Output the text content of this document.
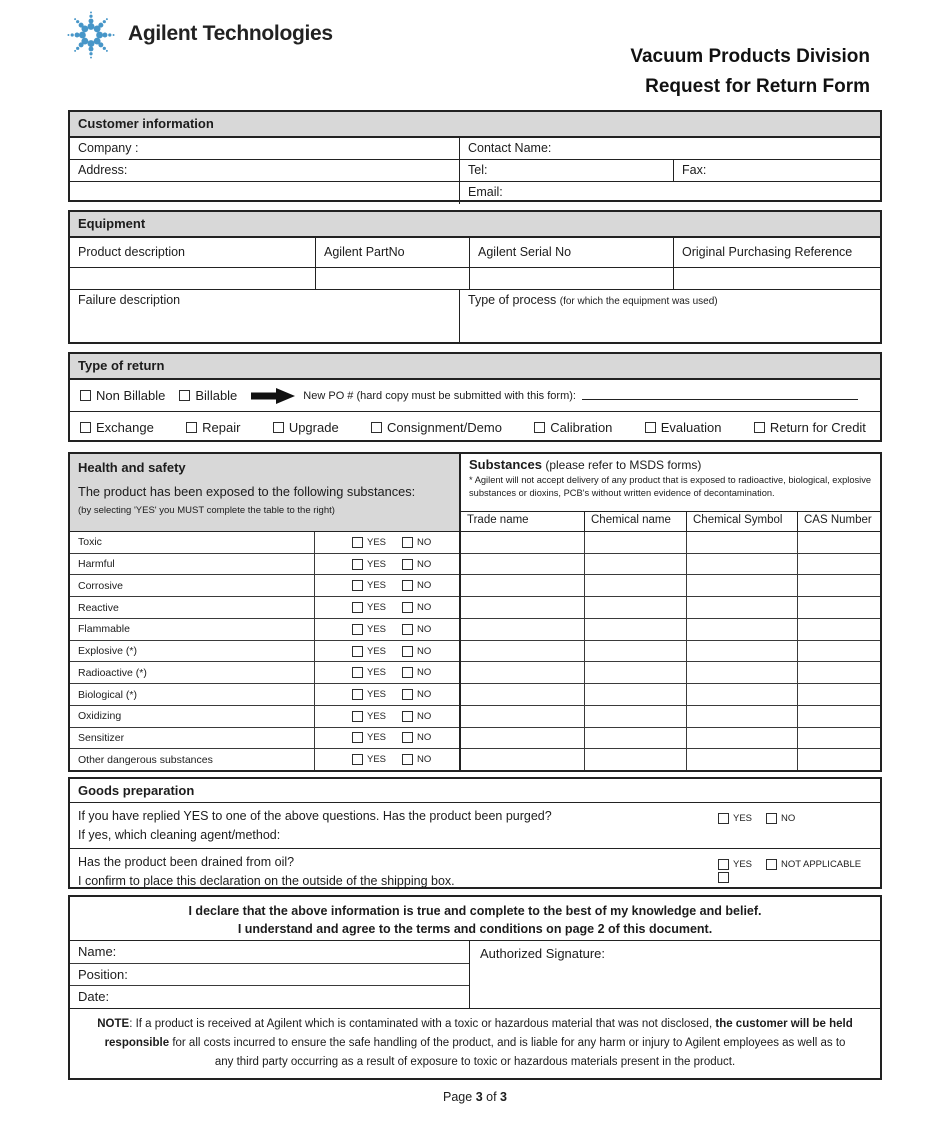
Agilent Technologies
Vacuum Products Division
Request for Return Form
Customer information
Company :	Contact Name:
Address:	Tel:	Fax:
Email:
Equipment
Product description	Agilent PartNo	Agilent Serial No	Original Purchasing Reference
Failure description	Type of process (for which the equipment was used)
Type of return
Non Billable Billable	New PO # (hard copy must be submitted with this form):
Exchange	Repair	Upgrade	Consignment/Demo	Calibration	Evaluation	Return for Credit
Health and safety
The product has been exposed to the following substances:
(by selecting 'YES' you MUST complete the table to the right)
Toxic	YES	NO
Harmful	YES	NO
Corrosive	YES	NO
Reactive	YES	NO
Flammable	YES	NO
Explosive (*)	YES	NO
Radioactive (*)	YES	NO
Biological (*)	YES	NO
Oxidizing	YES	NO
Sensitizer	YES	NO
Other dangerous substances	YES	NO
Substances (please refer to MSDS forms)
* Agilent will not accept delivery of any product that is exposed to radioactive, biological, explosive substances or dioxins, PCB's without written evidence of decontamination.
Trade name	Chemical name	Chemical Symbol	CAS Number
Goods preparation
If you have replied YES to one of the above questions. Has the product been purged?
If yes, which cleaning agent/method:
YES	NO
Has the product been drained from oil?
I confirm to place this declaration on the outside of the shipping box.
YES	NOT APPLICABLE
I declare that the above information is true and complete to the best of my knowledge and belief.
I understand and agree to the terms and conditions on page 2 of this document.
Name:
Position:
Date:
Authorized Signature:
NOTE: If a product is received at Agilent which is contaminated with a toxic or hazardous material that was not disclosed, the customer will be held responsible for all costs incurred to ensure the safe handling of the product, and is liable for any harm or injury to Agilent employees as well as to any third party occurring as a result of exposure to toxic or hazardous materials present in the product.
Page 3 of 3
